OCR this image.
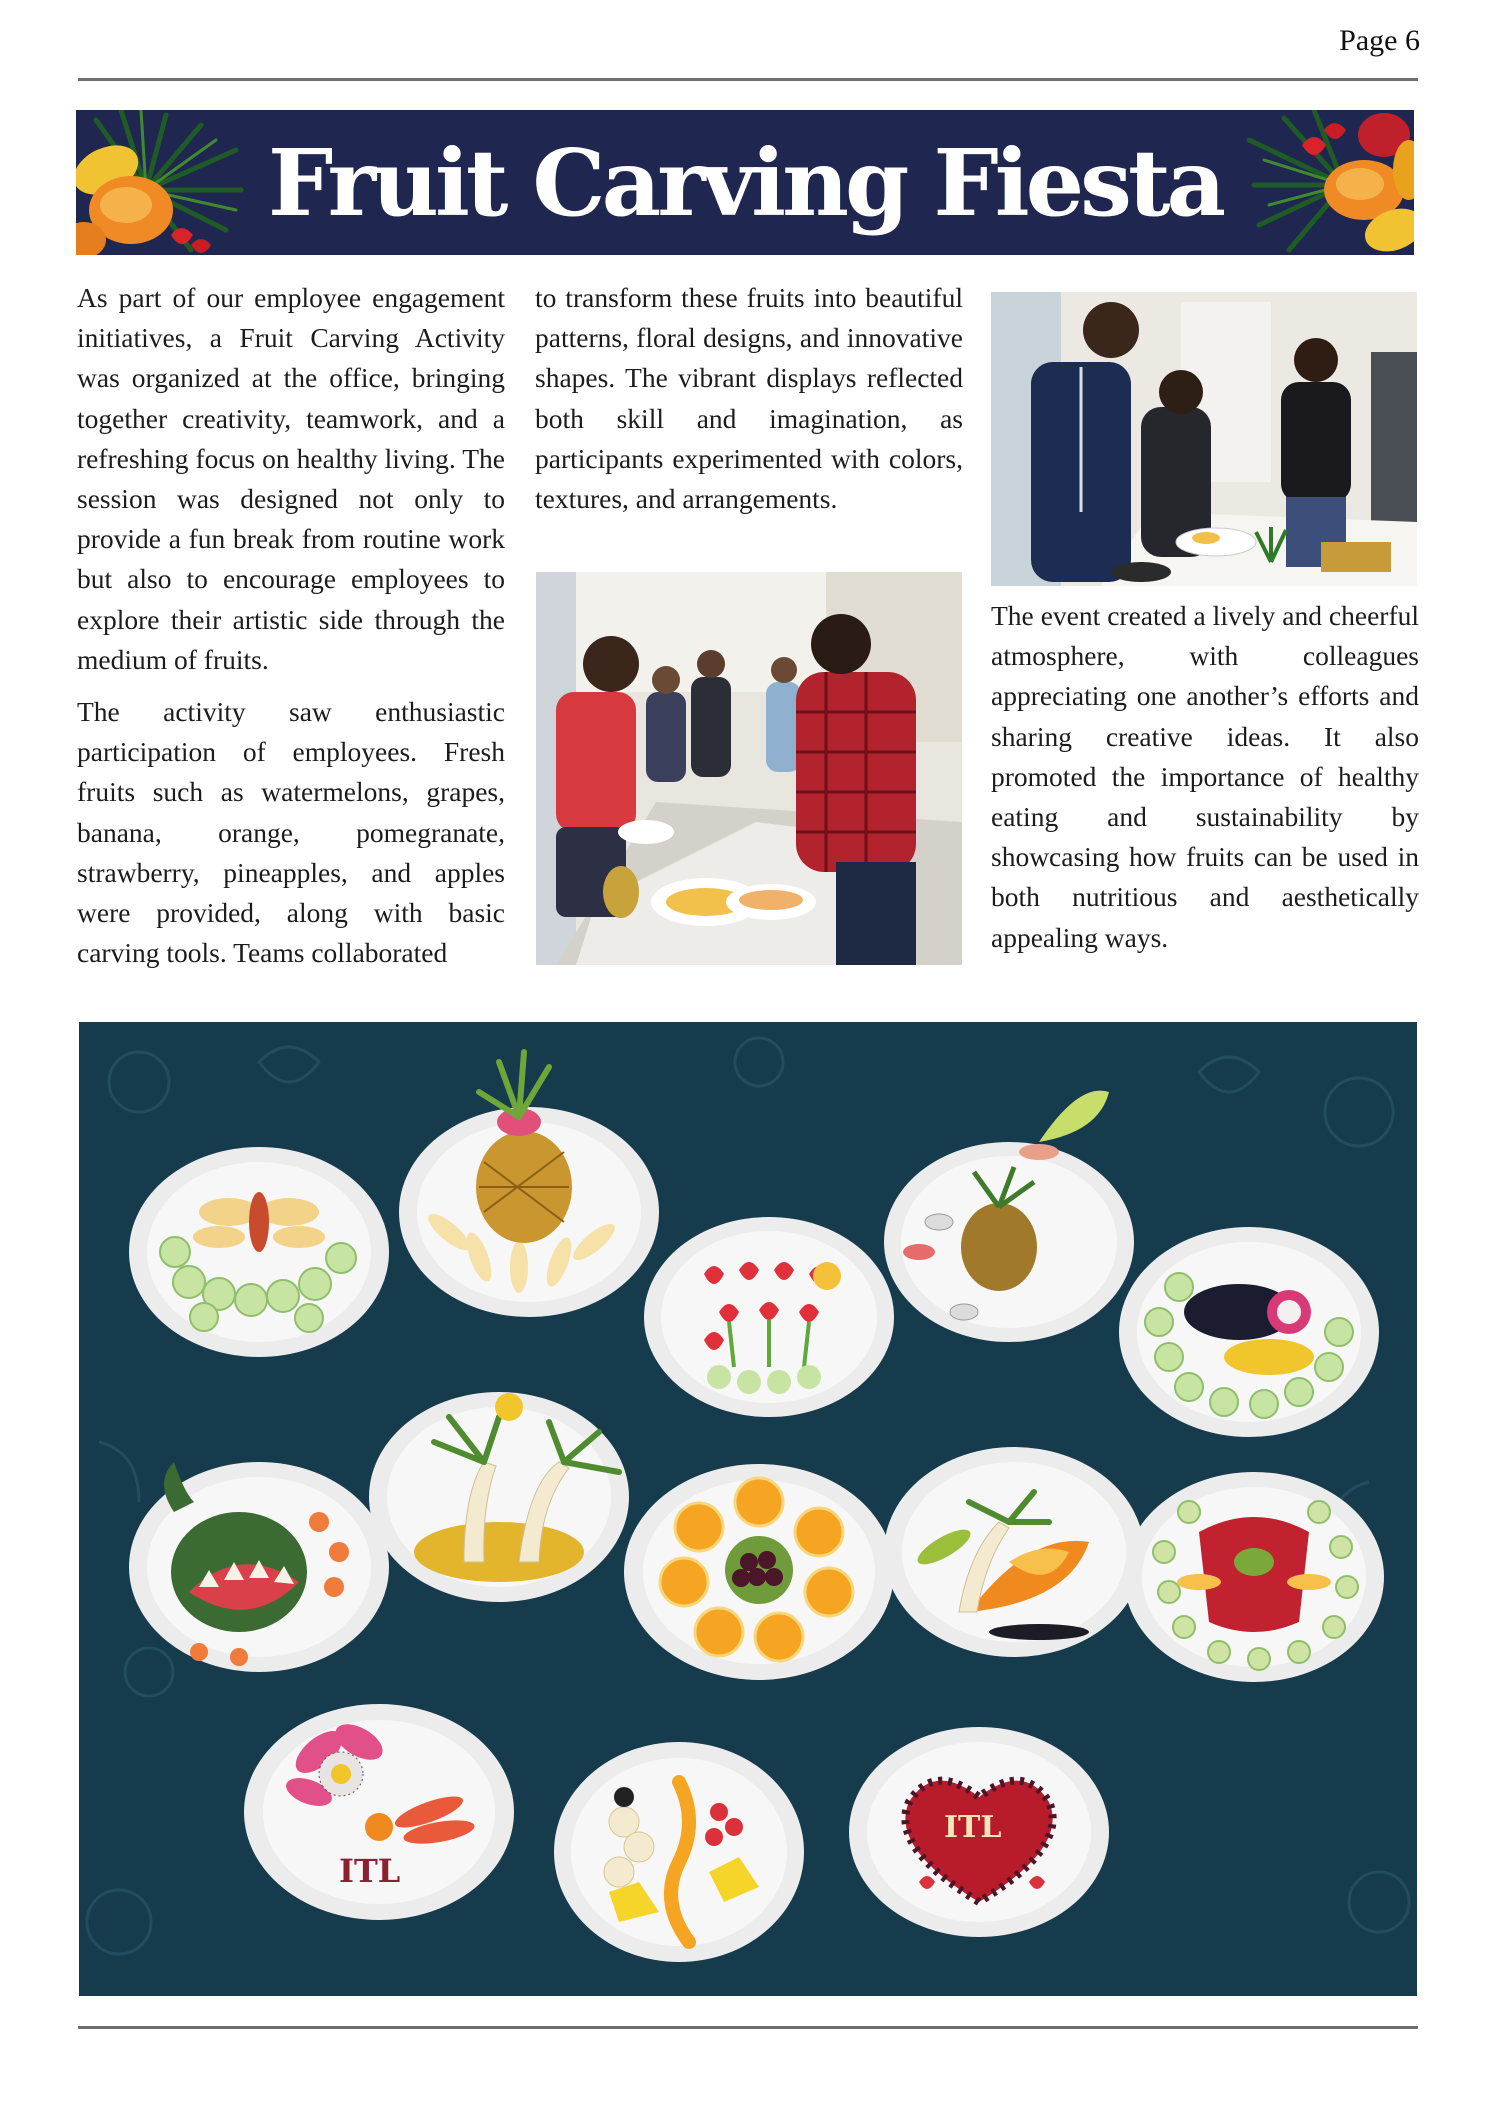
Page 6
Fruit Carving Fiesta

As part of our employee engagement initiatives, a Fruit Carving Activity was organized at the office, bringing together creativity, teamwork, and a refreshing focus on healthy living. The session was designed not only to provide a fun break from routine work but also to encourage employees to explore their artistic side through the medium of fruits.

The activity saw enthusiastic participation of employees. Fresh fruits such as watermelons, grapes, banana, orange, pomegranate, strawberry, pineapples, and apples were provided, along with basic carving tools. Teams collaborated

to transform these fruits into beautiful patterns, floral designs, and innovative shapes. The vibrant displays reflected both skill and imagination, as participants experimented with colors, textures, and arrangements.

The event created a lively and cheerful atmosphere, with colleagues appreciating one another’s efforts and sharing creative ideas. It also promoted the importance of healthy eating and sustainability by showcasing how fruits can be used in both nutritious and aesthetically appealing ways.

ITL
ITL
